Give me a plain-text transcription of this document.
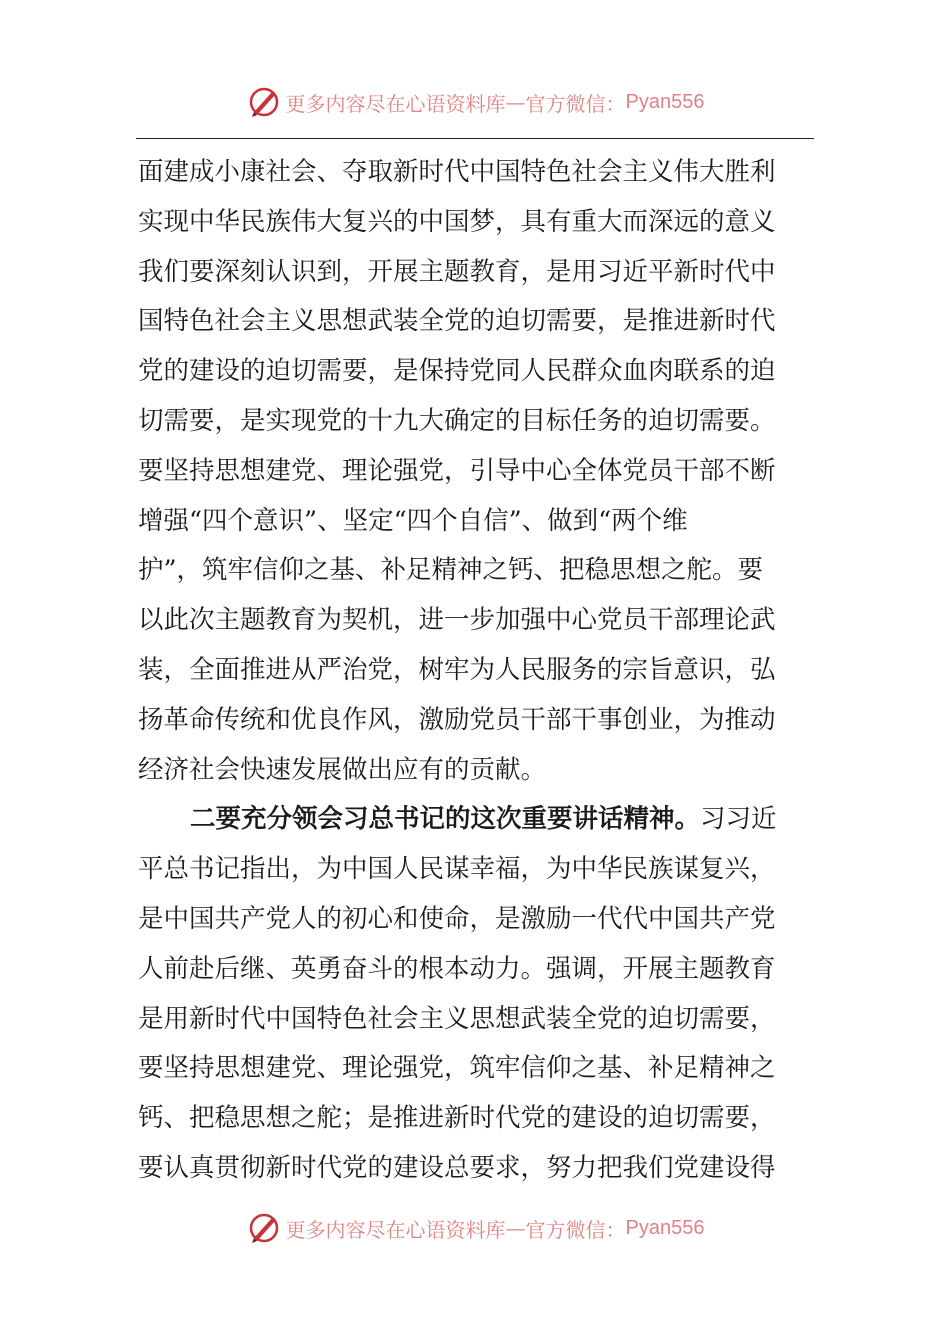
更多内容尽在心语资料库 — 官方微信： Pyan556
面建成小康社会、夺取新时代中国特色社会主义伟大胜利
实现中华民族伟大复兴的中国梦，具有重大而深远的意义
我们要深刻认识到，开展主题教育，是用习近平新时代中
国特色社会主义思想武装全党的迫切需要，是推进新时代
党的建设的迫切需要，是保持党同人民群众血肉联系的迫
切需要，是实现党的十九大确定的目标任务的迫切需要。
要坚持思想建党、理论强党，引导中心全体党员干部不断
增强“四个意识”、坚定“四个自信”、做到“两个维
护”，筑牢信仰之基、补足精神之钙、把稳思想之舵。要
以此次主题教育为契机，进一步加强中心党员干部理论武
装，全面推进从严治党，树牢为人民服务的宗旨意识，弘
扬革命传统和优良作风，激励党员干部干事创业，为推动
经济社会快速发展做出应有的贡献。
二要充分领会习总书记的这次重要讲话精神。习习近
平总书记指出，为中国人民谋幸福，为中华民族谋复兴，
是中国共产党人的初心和使命，是激励一代代中国共产党
人前赴后继、英勇奋斗的根本动力。强调，开展主题教育
是用新时代中国特色社会主义思想武装全党的迫切需要，
要坚持思想建党、理论强党，筑牢信仰之基、补足精神之
钙、把稳思想之舵；是推进新时代党的建设的迫切需要，
要认真贯彻新时代党的建设总要求，努力把我们党建设得
更多内容尽在心语资料库 — 官方微信： Pyan556
